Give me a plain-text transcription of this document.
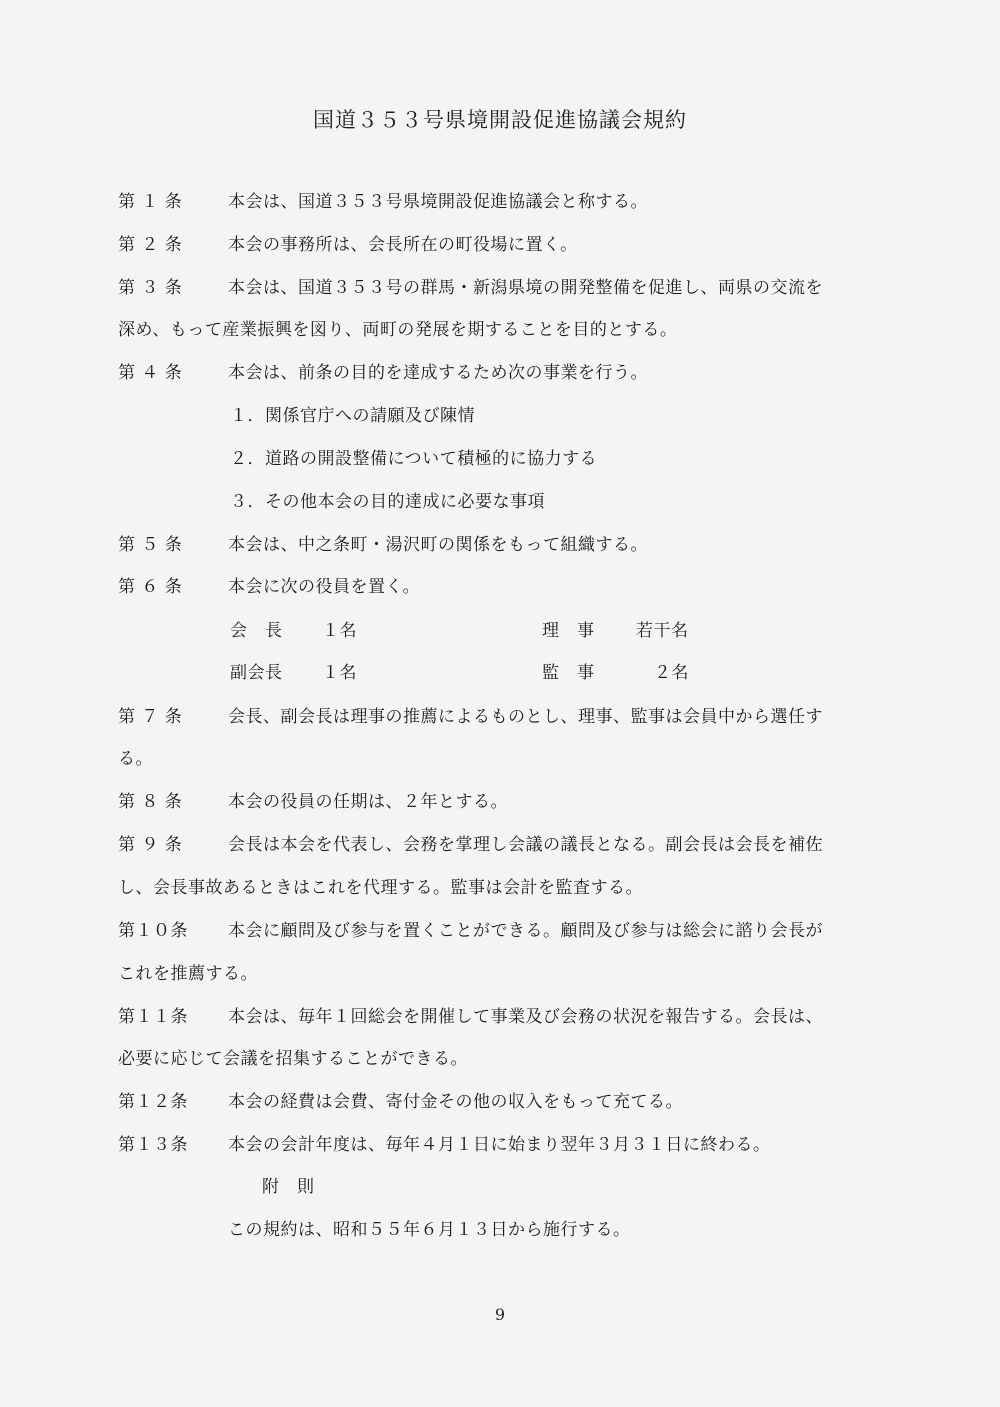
国道３５３号県境開設促進協議会規約
第 １ 条	本会は、国道３５３号県境開設促進協議会と称する。
第 ２ 条	本会の事務所は、会長所在の町役場に置く。
第 ３ 条	本会は、国道３５３号の群馬・新潟県境の開発整備を促進し、両県の交流を
深め、もって産業振興を図り、両町の発展を期することを目的とする。
第 ４ 条	本会は、前条の目的を達成するため次の事業を行う。
１．関係官庁への請願及び陳情
２．道路の開設整備について積極的に協力する
３．その他本会の目的達成に必要な事項
第 ５ 条	本会は、中之条町・湯沢町の関係をもって組織する。
第 ６ 条	本会に次の役員を置く。
会　長 １名	理　事 若干名
副会長 １名	監　事	２名
第 ７ 条	会長、副会長は理事の推薦によるものとし、理事、監事は会員中から選任す
る。
第 ８ 条	本会の役員の任期は、２年とする。
第 ９ 条	会長は本会を代表し、会務を掌理し会議の議長となる。副会長は会長を補佐
し、会長事故あるときはこれを代理する。監事は会計を監査する。
第１０条 本会に顧問及び参与を置くことができる。顧問及び参与は総会に諮り会長が
これを推薦する。
第１１条 本会は、毎年１回総会を開催して事業及び会務の状況を報告する。会長は、
必要に応じて会議を招集することができる。
第１２条 本会の経費は会費、寄付金その他の収入をもって充てる。
第１３条 本会の会計年度は、毎年４月１日に始まり翌年３月３１日に終わる。
附　則
この規約は、昭和５５年６月１３日から施行する。
9
